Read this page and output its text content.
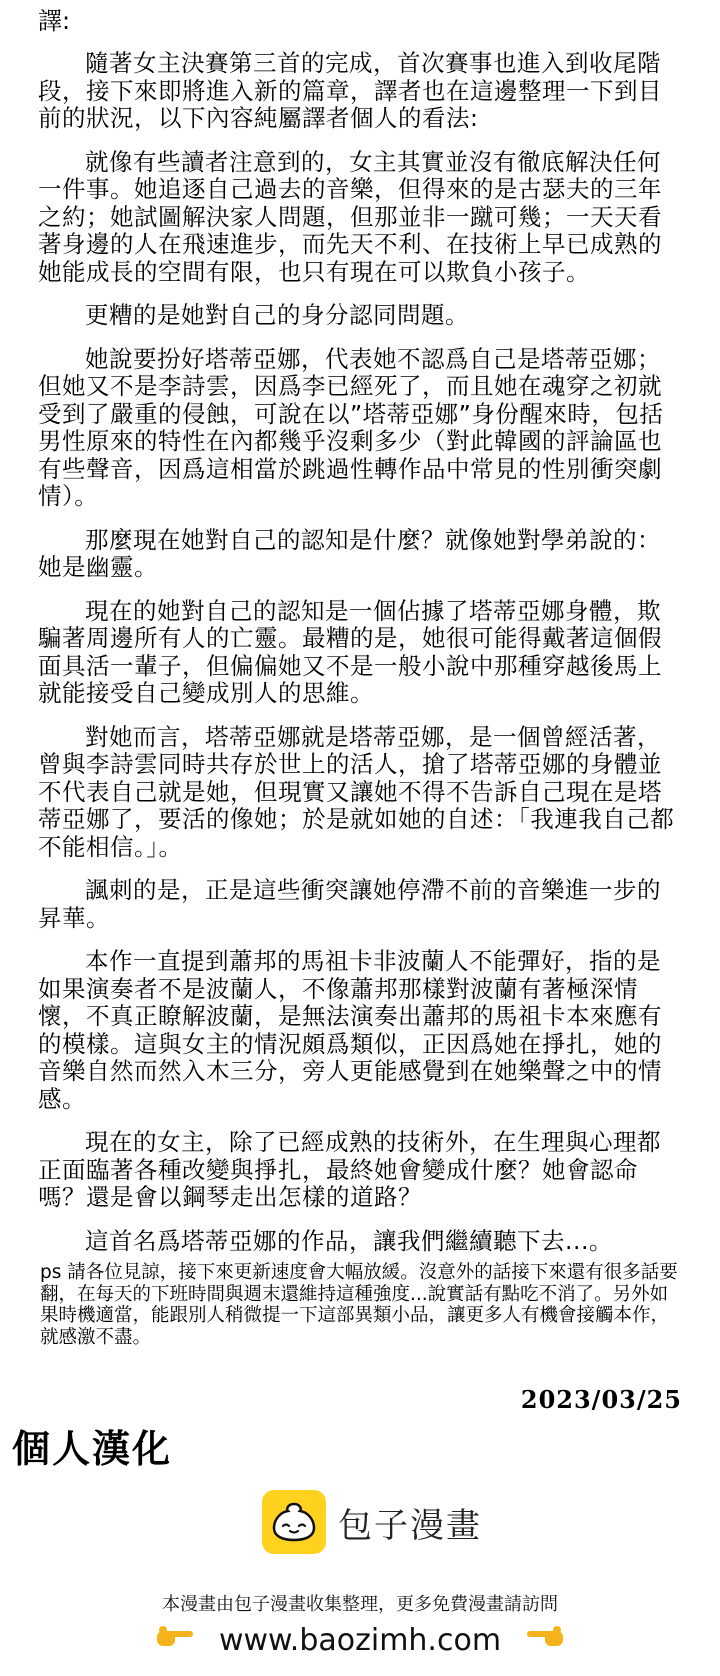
譯:

隨著女主決賽第三首的完成，首次賽事也進入到收尾階段，接下來即將進入新的篇章，譯者也在這邊整理一下到目前的狀況，以下內容純屬譯者個人的看法:

就像有些讀者注意到的，女主其實並沒有徹底解決任何一件事。她追逐自己過去的音樂，但得來的是古瑟夫的三年之約；她試圖解決家人問題，但那並非一蹴可幾；一天天看著身邊的人在飛速進步，而先天不利、在技術上早已成熟的她能成長的空間有限，也只有現在可以欺負小孩子。

更糟的是她對自己的身分認同問題。

她說要扮好塔蒂亞娜，代表她不認爲自己是塔蒂亞娜；但她又不是李詩雲，因爲李已經死了，而且她在魂穿之初就受到了嚴重的侵蝕，可說在以”塔蒂亞娜”身份醒來時，包括男性原來的特性在內都幾乎沒剩多少（對此韓國的評論區也有些聲音，因爲這相當於跳過性轉作品中常見的性別衝突劇情）。

那麼現在她對自己的認知是什麼？就像她對學弟說的：她是幽靈。

現在的她對自己的認知是一個佔據了塔蒂亞娜身體，欺騙著周邊所有人的亡靈。最糟的是，她很可能得戴著這個假面具活一輩子，但偏偏她又不是一般小說中那種穿越後馬上就能接受自己變成別人的思維。

對她而言，塔蒂亞娜就是塔蒂亞娜，是一個曾經活著，曾與李詩雲同時共存於世上的活人，搶了塔蒂亞娜的身體並不代表自己就是她，但現實又讓她不得不告訴自己現在是塔蒂亞娜了，要活的像她；於是就如她的自述：「我連我自己都不能相信。」。

諷刺的是，正是這些衝突讓她停滯不前的音樂進一步的昇華。

本作一直提到蕭邦的馬祖卡非波蘭人不能彈好，指的是如果演奏者不是波蘭人，不像蕭邦那樣對波蘭有著極深情懷，不真正瞭解波蘭，是無法演奏出蕭邦的馬祖卡本來應有的模樣。這與女主的情況頗爲類似，正因爲她在掙扎，她的音樂自然而然入木三分，旁人更能感覺到在她樂聲之中的情感。

現在的女主，除了已經成熟的技術外，在生理與心理都正面臨著各種改變與掙扎，最終她會變成什麼？她會認命嗎？還是會以鋼琴走出怎樣的道路？

這首名爲塔蒂亞娜的作品，讓我們繼續聽下去...。

ps 請各位見諒，接下來更新速度會大幅放緩。沒意外的話接下來還有很多話要翻，在每天的下班時間與週末還維持這種強度...說實話有點吃不消了。另外如果時機適當，能跟別人稍微提一下這部異類小品，讓更多人有機會接觸本作，就感激不盡。

2023/03/25
個人漢化
包子漫畫
本漫畫由包子漫畫收集整理，更多免費漫畫請訪問
www.baozimh.com
